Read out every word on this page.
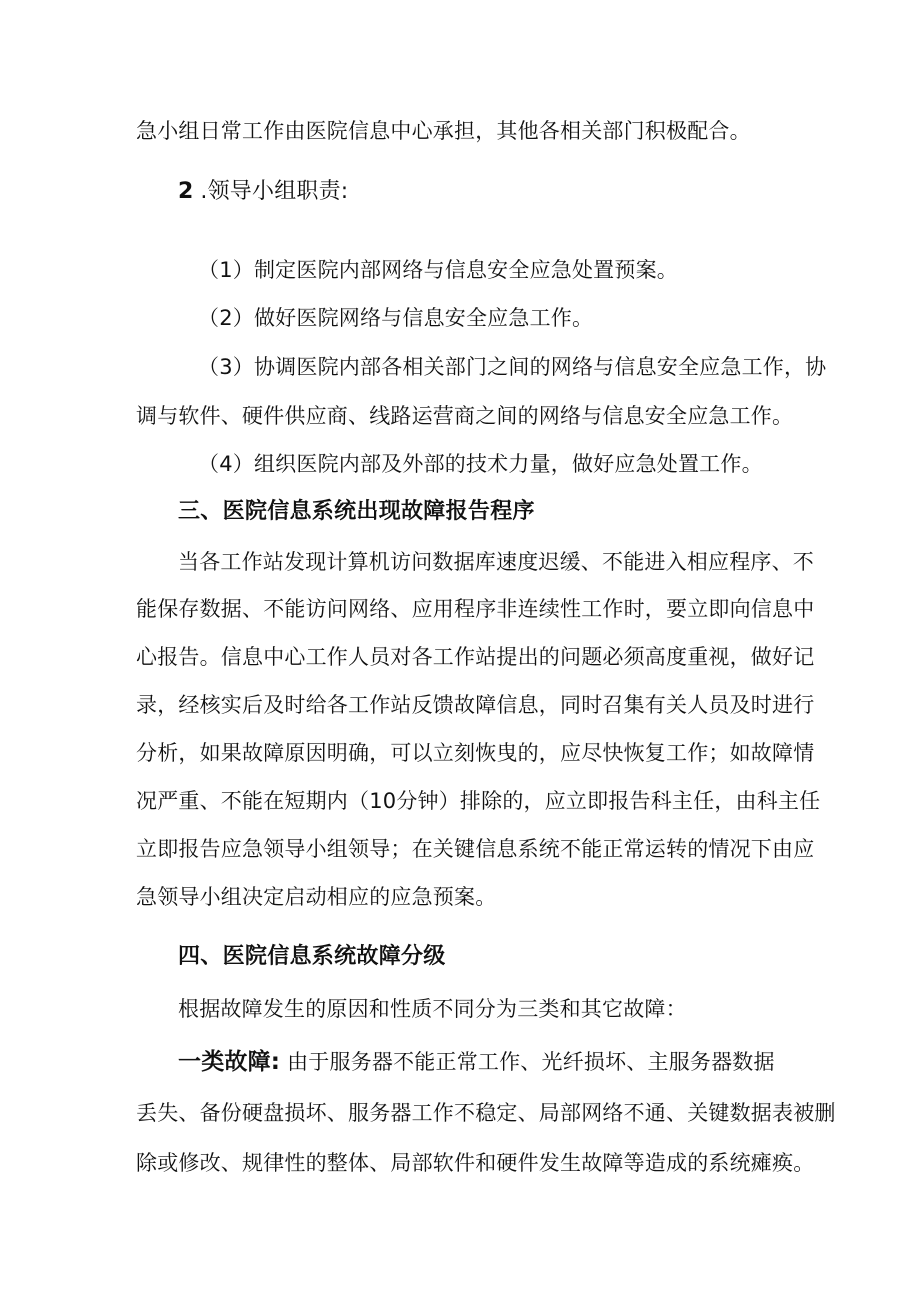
急小组日常工作由医院信息中心承担，其他各相关部门积极配合。
2 .领导小组职责:
（1）制定医院内部网络与信息安全应急处置预案。
（2）做好医院网络与信息安全应急工作。
（3）协调医院内部各相关部门之间的网络与信息安全应急工作，协
调与软件、硬件供应商、线路运营商之间的网络与信息安全应急工作。
（4）组织医院内部及外部的技术力量，做好应急处置工作。
三、医院信息系统出现故障报告程序
当各工作站发现计算机访问数据库速度迟缓、不能进入相应程序、不
能保存数据、不能访问网络、应用程序非连续性工作时，要立即向信息中
心报告。信息中心工作人员对各工作站提出的问题必须高度重视，做好记
录，经核实后及时给各工作站反馈故障信息，同时召集有关人员及时进行
分析，如果故障原因明确，可以立刻恢曳的，应尽快恢复工作；如故障情
况严重、不能在短期内（10分钟）排除的，应立即报告科主任，由科主任
立即报告应急领导小组领导；在关键信息系统不能正常运转的情况下由应
急领导小组决定启动相应的应急预案。
四、医院信息系统故障分级
根据故障发生的原因和性质不同分为三类和其它故障：
一类故障: 由于服务器不能正常工作、光纤损坏、主服务器数据
丢失、备份硬盘损坏、服务器工作不稳定、局部网络不通、关键数据表被删
除或修改、规律性的整体、局部软件和硬件发生故障等造成的系统瘫痪。
